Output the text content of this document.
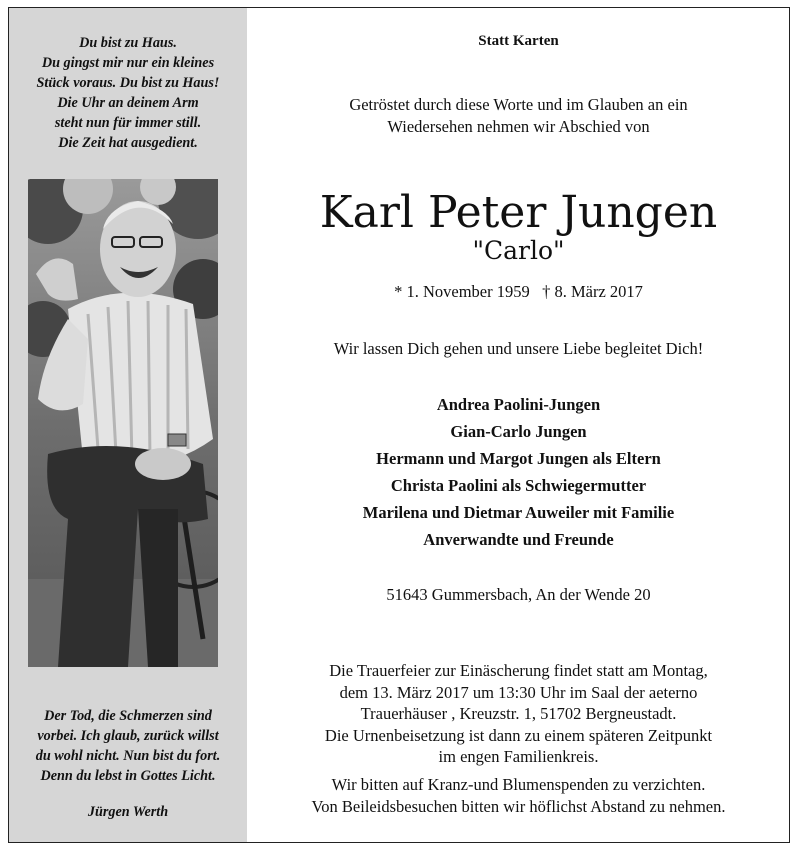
Du bist zu Haus.
Du gingst mir nur ein kleines
Stück voraus. Du bist zu Haus!
Die Uhr an deinem Arm
steht nun für immer still.
Die Zeit hat ausgedient.
Der Tod, die Schmerzen sind
vorbei. Ich glaub, zurück willst
du wohl nicht. Nun bist du fort.
Denn du lebst in Gottes Licht.
Jürgen Werth
Statt Karten
Getröstet durch diese Worte und im Glauben an ein
Wiedersehen nehmen wir Abschied von
Karl Peter Jungen
"Carlo"
* 1. November 1959   † 8. März 2017
Wir lassen Dich gehen und unsere Liebe begleitet Dich!
Andrea Paolini-Jungen
Gian-Carlo Jungen
Hermann und Margot Jungen als Eltern
Christa Paolini als Schwiegermutter
Marilena und Dietmar Auweiler mit Familie
Anverwandte und Freunde
51643 Gummersbach, An der Wende 20
Die Trauerfeier zur Einäscherung findet statt am Montag,
dem 13. März 2017 um 13:30 Uhr im Saal der aeterno
Trauerhäuser , Kreuzstr. 1, 51702 Bergneustadt.
Die Urnenbeisetzung ist dann zu einem späteren Zeitpunkt
im engen Familienkreis.
Wir bitten auf Kranz-und Blumenspenden zu verzichten.
Von Beileidsbesuchen bitten wir höflichst Abstand zu nehmen.
